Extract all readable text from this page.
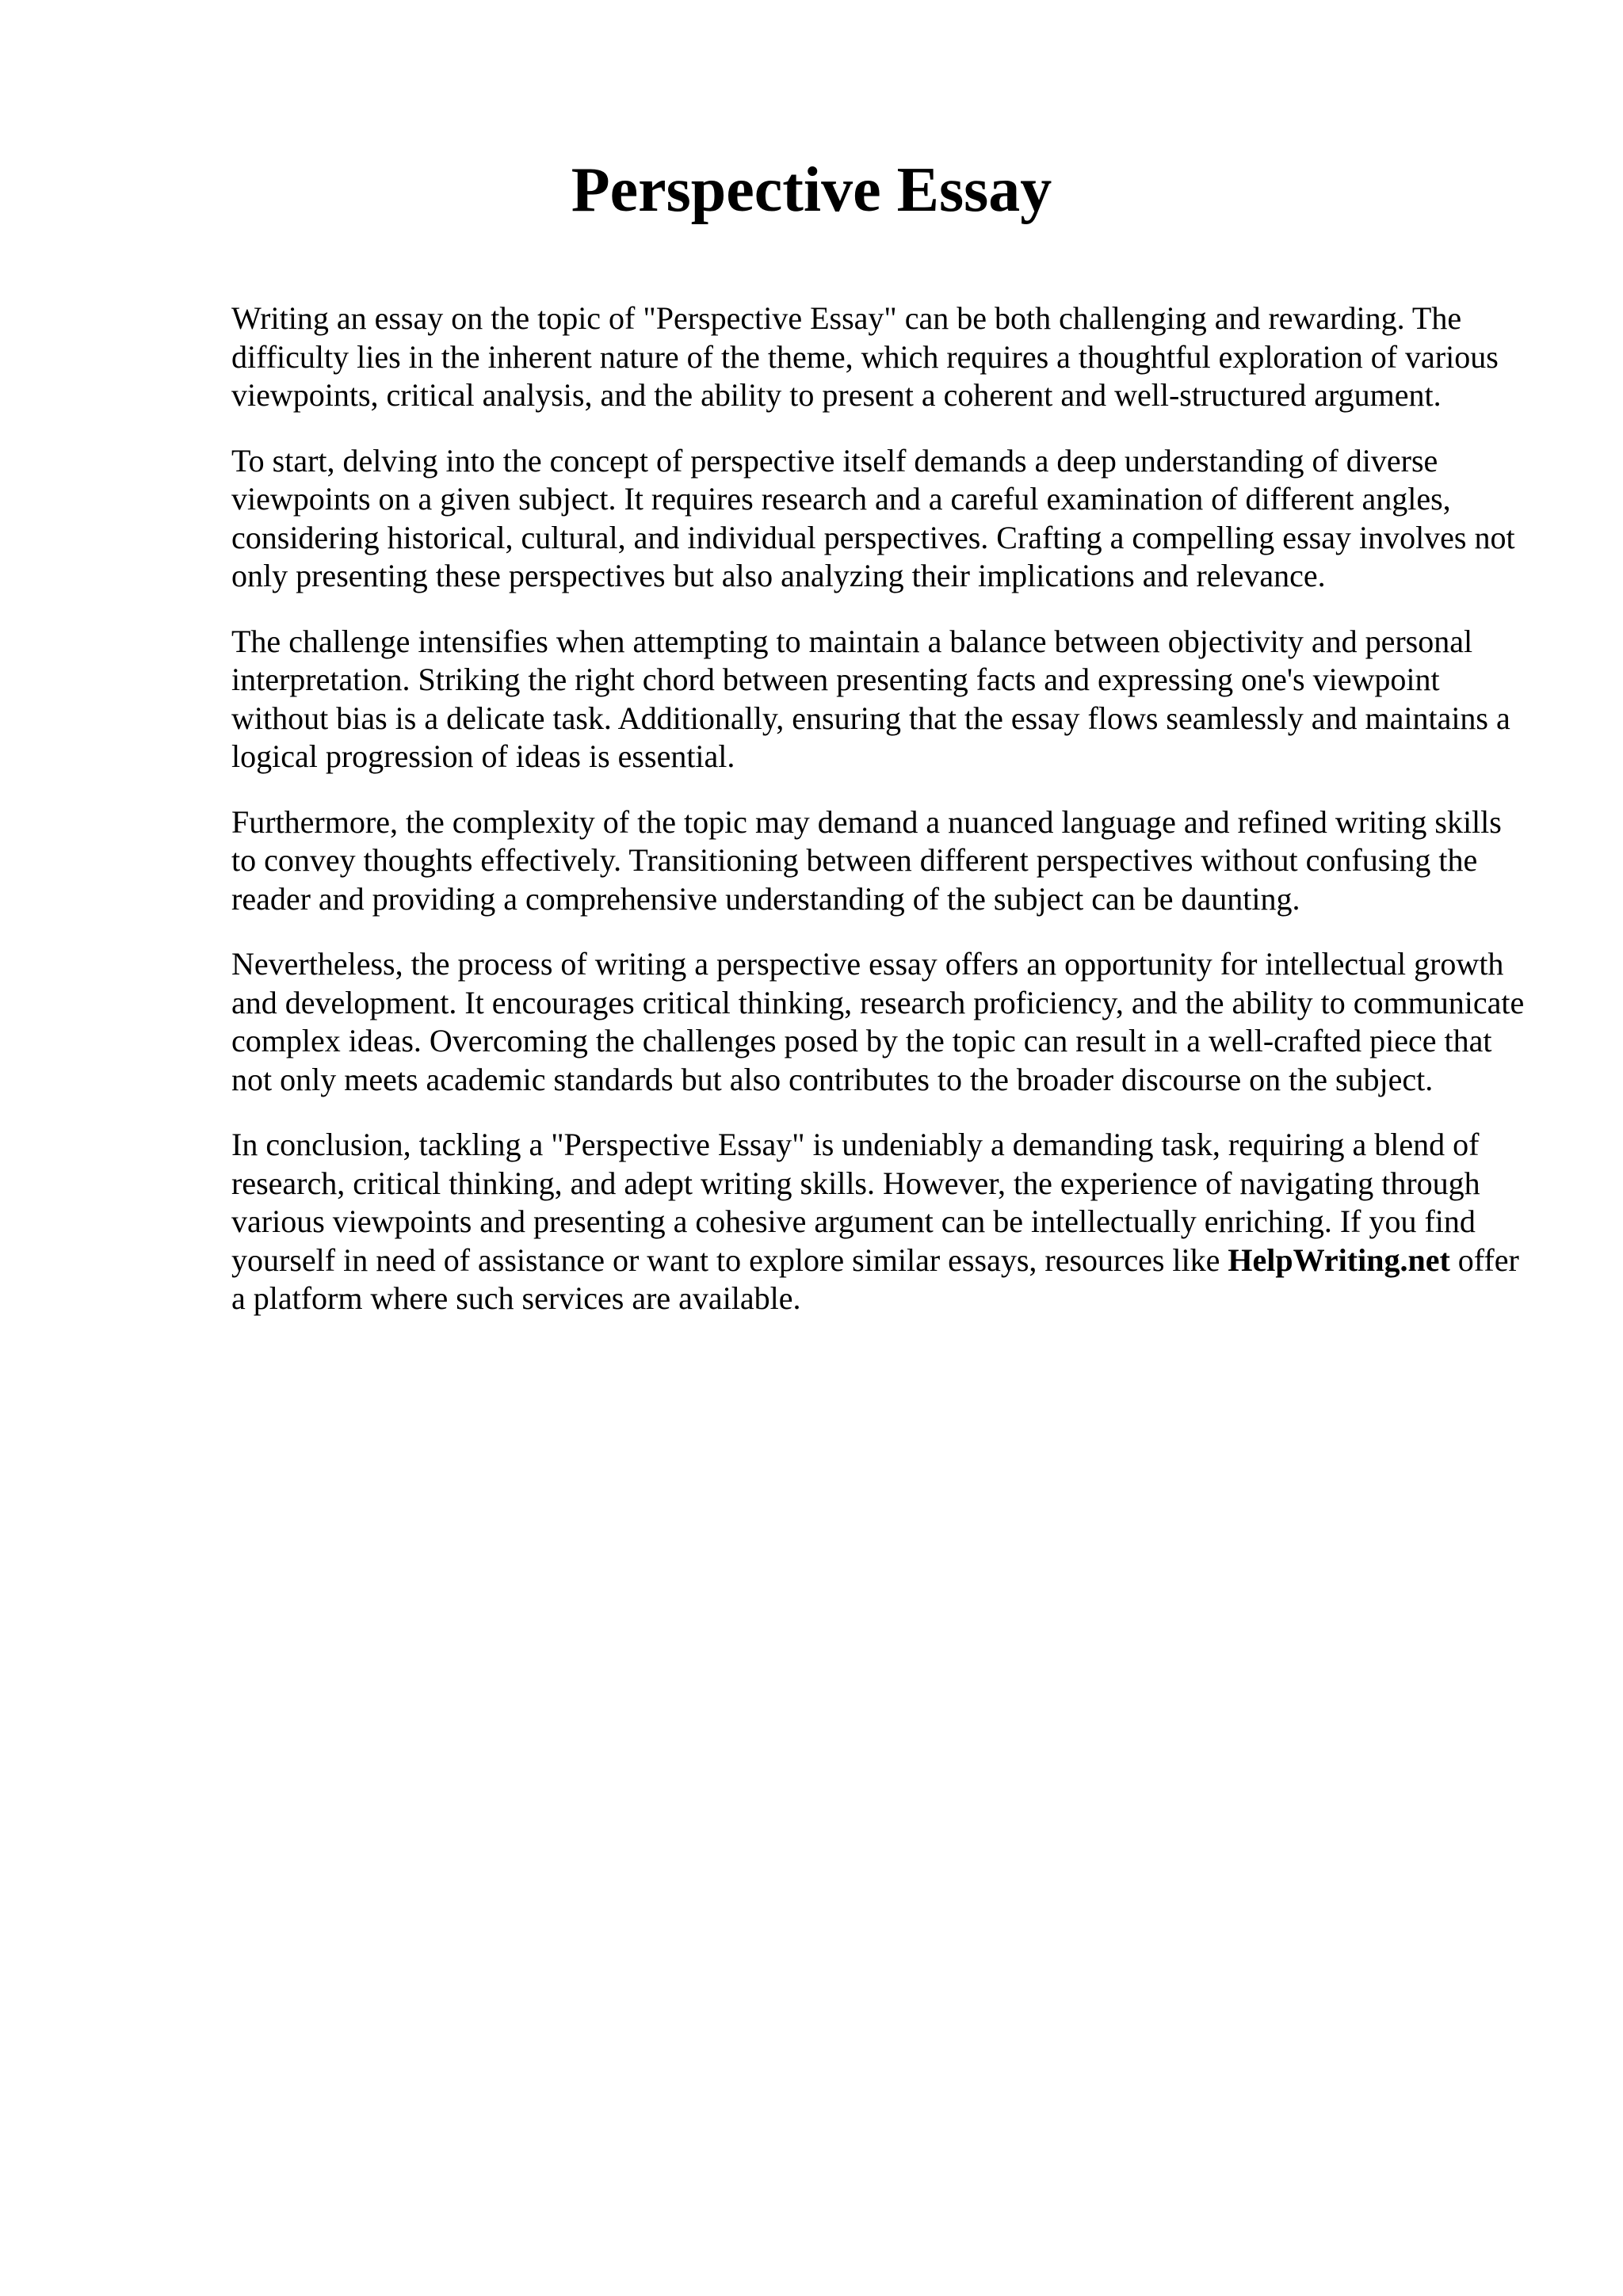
Perspective Essay

Writing an essay on the topic of "Perspective Essay" can be both challenging and rewarding. The difficulty lies in the inherent nature of the theme, which requires a thoughtful exploration of various viewpoints, critical analysis, and the ability to present a coherent and well-structured argument.

To start, delving into the concept of perspective itself demands a deep understanding of diverse viewpoints on a given subject. It requires research and a careful examination of different angles, considering historical, cultural, and individual perspectives. Crafting a compelling essay involves not only presenting these perspectives but also analyzing their implications and relevance.

The challenge intensifies when attempting to maintain a balance between objectivity and personal interpretation. Striking the right chord between presenting facts and expressing one's viewpoint without bias is a delicate task. Additionally, ensuring that the essay flows seamlessly and maintains a logical progression of ideas is essential.

Furthermore, the complexity of the topic may demand a nuanced language and refined writing skills to convey thoughts effectively. Transitioning between different perspectives without confusing the reader and providing a comprehensive understanding of the subject can be daunting.

Nevertheless, the process of writing a perspective essay offers an opportunity for intellectual growth and development. It encourages critical thinking, research proficiency, and the ability to communicate complex ideas. Overcoming the challenges posed by the topic can result in a well-crafted piece that not only meets academic standards but also contributes to the broader discourse on the subject.

In conclusion, tackling a "Perspective Essay" is undeniably a demanding task, requiring a blend of research, critical thinking, and adept writing skills. However, the experience of navigating through various viewpoints and presenting a cohesive argument can be intellectually enriching. If you find yourself in need of assistance or want to explore similar essays, resources like HelpWriting.net offer a platform where such services are available.
